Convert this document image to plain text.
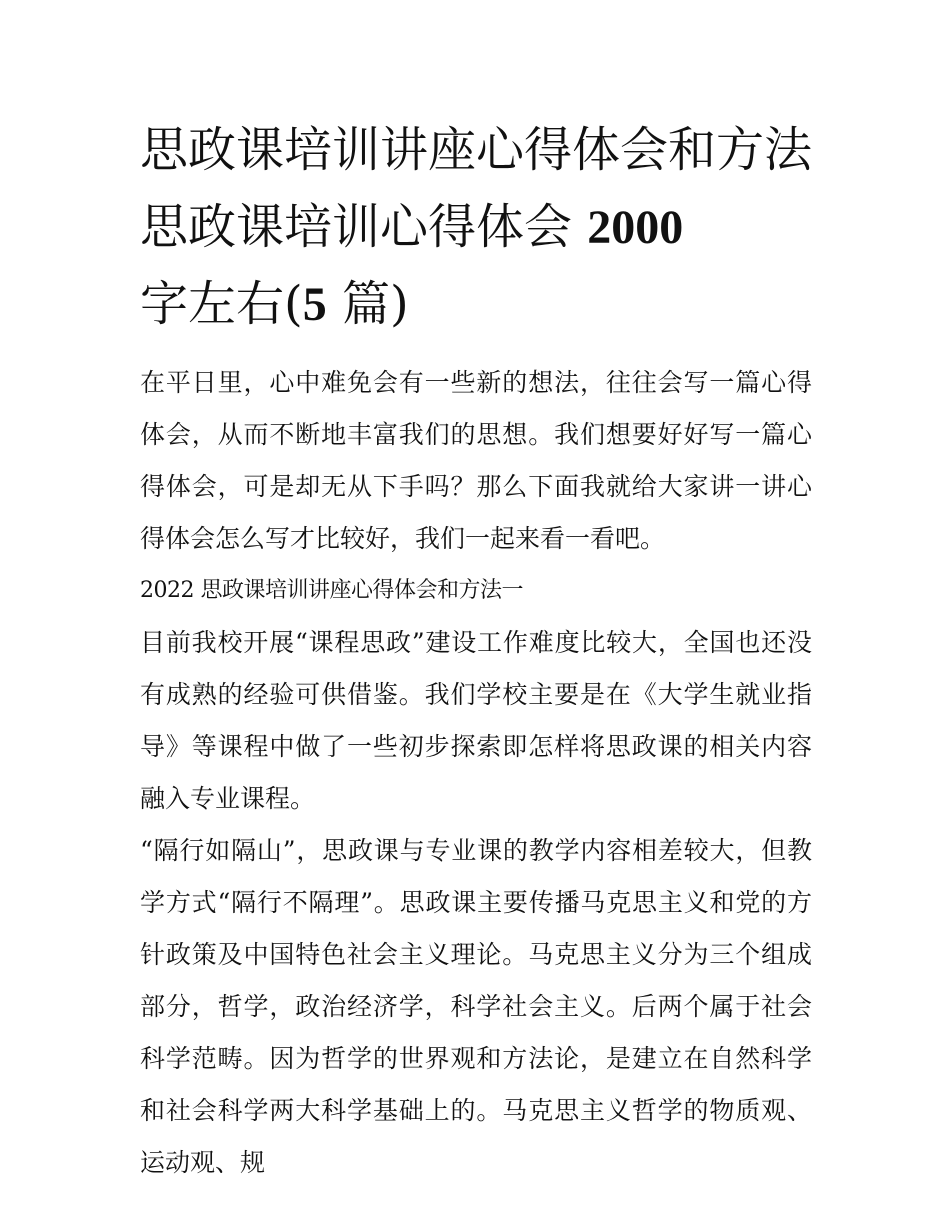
思政课培训讲座心得体会和方法 思政课培训心得体会 2000
字左右(5 篇)

在平日里，心中难免会有一些新的想法，往往会写一篇心得体会，从而不断地丰富我们的思想。我们想要好好写一篇心得体会，可是却无从下手吗？那么下面我就给大家讲一讲心得体会怎么写才比较好，我们一起来看一看吧。

2022 思政课培训讲座心得体会和方法一

目前我校开展“课程思政”建设工作难度比较大，全国也还没有成熟的经验可供借鉴。我们学校主要是在《大学生就业指导》等课程中做了一些初步探索即怎样将思政课的相关内容融入专业课程。

“隔行如隔山”，思政课与专业课的教学内容相差较大，但教学方式“隔行不隔理”。思政课主要传播马克思主义和党的方针政策及中国特色社会主义理论。马克思主义分为三个组成部分，哲学，政治经济学，科学社会主义。后两个属于社会科学范畴。因为哲学的世界观和方法论，是建立在自然科学和社会科学两大科学基础上的。马克思主义哲学的物质观、运动观、规
